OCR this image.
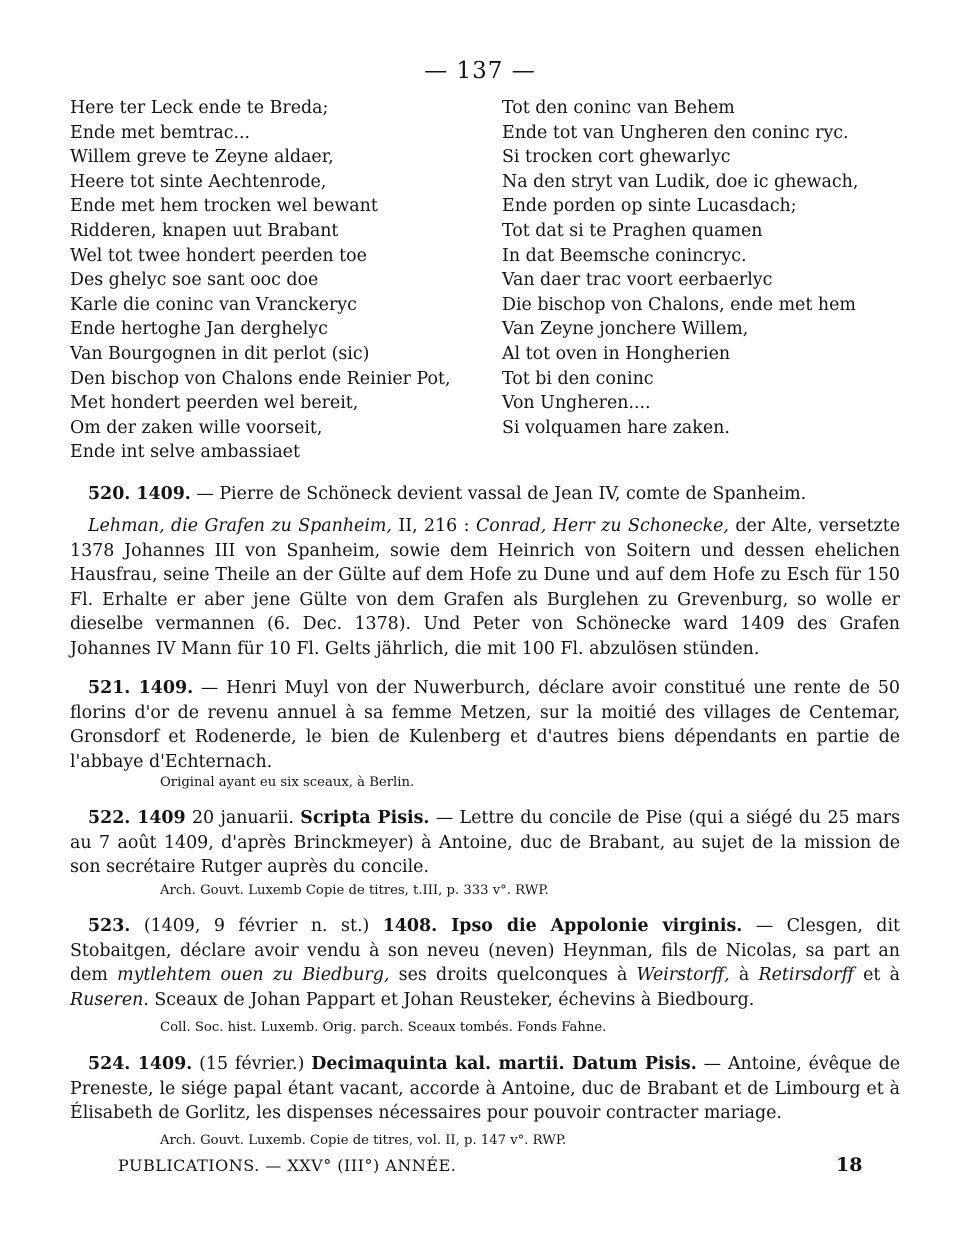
— 137 —
Here ter Leck ende te Breda;
Ende met bemtrac...
Willem greve te Zeyne aldaer,
Heere tot sinte Aechtenrode,
Ende met hem trocken wel bewant
Ridderen, knapen uut Brabant
Wel tot twee hondert peerden toe
Des ghelyc soe sant ooc doe
Karle die coninc van Vranckeryc
Ende hertoghe Jan derghelyc
Van Bourgognen in dit perlot (sic)
Den bischop von Chalons ende Reinier Pot,
Met hondert peerden wel bereit,
Om der zaken wille voorseit,
Ende int selve ambassiaet
Tot den coninc van Behem
Ende tot van Ungheren den coninc ryc.
Si trocken cort ghewarlyc
Na den stryt van Ludik, doe ic ghewach,
Ende porden op sinte Lucasdach;
Tot dat si te Praghen quamen
In dat Beemsche conincryc.
Van daer trac voort eerbaerlyc
Die bischop von Chalons, ende met hem
Van Zeyne jonchere Willem,
Al tot oven in Hongherien
Tot bi den coninc
Von Ungheren....
Si volquamen hare zaken.
520. 1409. — Pierre de Schöneck devient vassal de Jean IV, comte de Spanheim.
Lehman, die Grafen zu Spanheim, II, 216 : Conrad, Herr zu Schonecke, der Alte, versetzte 1378 Johannes III von Spanheim, sowie dem Heinrich von Soitern und dessen ehelichen Hausfrau, seine Theile an der Gülte auf dem Hofe zu Dune und auf dem Hofe zu Esch für 150 Fl. Erhalte er aber jene Gülte von dem Grafen als Burglehen zu Grevenburg, so wolle er dieselbe vermannen (6. Dec. 1378). Und Peter von Schönecke ward 1409 des Grafen Johannes IV Mann für 10 Fl. Gelts jährlich, die mit 100 Fl. abzulösen stünden.
521. 1409. — Henri Muyl von der Nuwerburch, déclare avoir constitué une rente de 50 florins d'or de revenu annuel à sa femme Metzen, sur la moitié des villages de Centemar, Gronsdorf et Rodenerde, le bien de Kulenberg et d'autres biens dépendants en partie de l'abbaye d'Echternach.
Original ayant eu six sceaux, à Berlin.
522. 1409 20 januarii. Scripta Pisis. — Lettre du concile de Pise (qui a siégé du 25 mars au 7 août 1409, d'après Brinckmeyer) à Antoine, duc de Brabant, au sujet de la mission de son secrétaire Rutger auprès du concile.
Arch. Gouvt. Luxemb Copie de titres, t.III, p. 333 v°. RWP.
523. (1409, 9 février n. st.) 1408. Ipso die Appolonie virginis. — Clesgen, dit Stobaitgen, déclare avoir vendu à son neveu (neven) Heynman, fils de Nicolas, sa part an dem mytlehtem ouen zu Biedburg, ses droits quelconques à Weirstorff, à Retirsdorff et à Ruseren. Sceaux de Johan Pappart et Johan Reusteker, échevins à Biedbourg.
Coll. Soc. hist. Luxemb. Orig. parch. Sceaux tombés. Fonds Fahne.
524. 1409. (15 février.) Decimaquinta kal. martii. Datum Pisis. — Antoine, évêque de Preneste, le siége papal étant vacant, accorde à Antoine, duc de Brabant et de Limbourg et à Élisabeth de Gorlitz, les dispenses nécessaires pour pouvoir contracter mariage.
Arch. Gouvt. Luxemb. Copie de titres, vol. II, p. 147 v°. RWP.
PUBLICATIONS. — XXV° (III°) ANNÉE.	18
